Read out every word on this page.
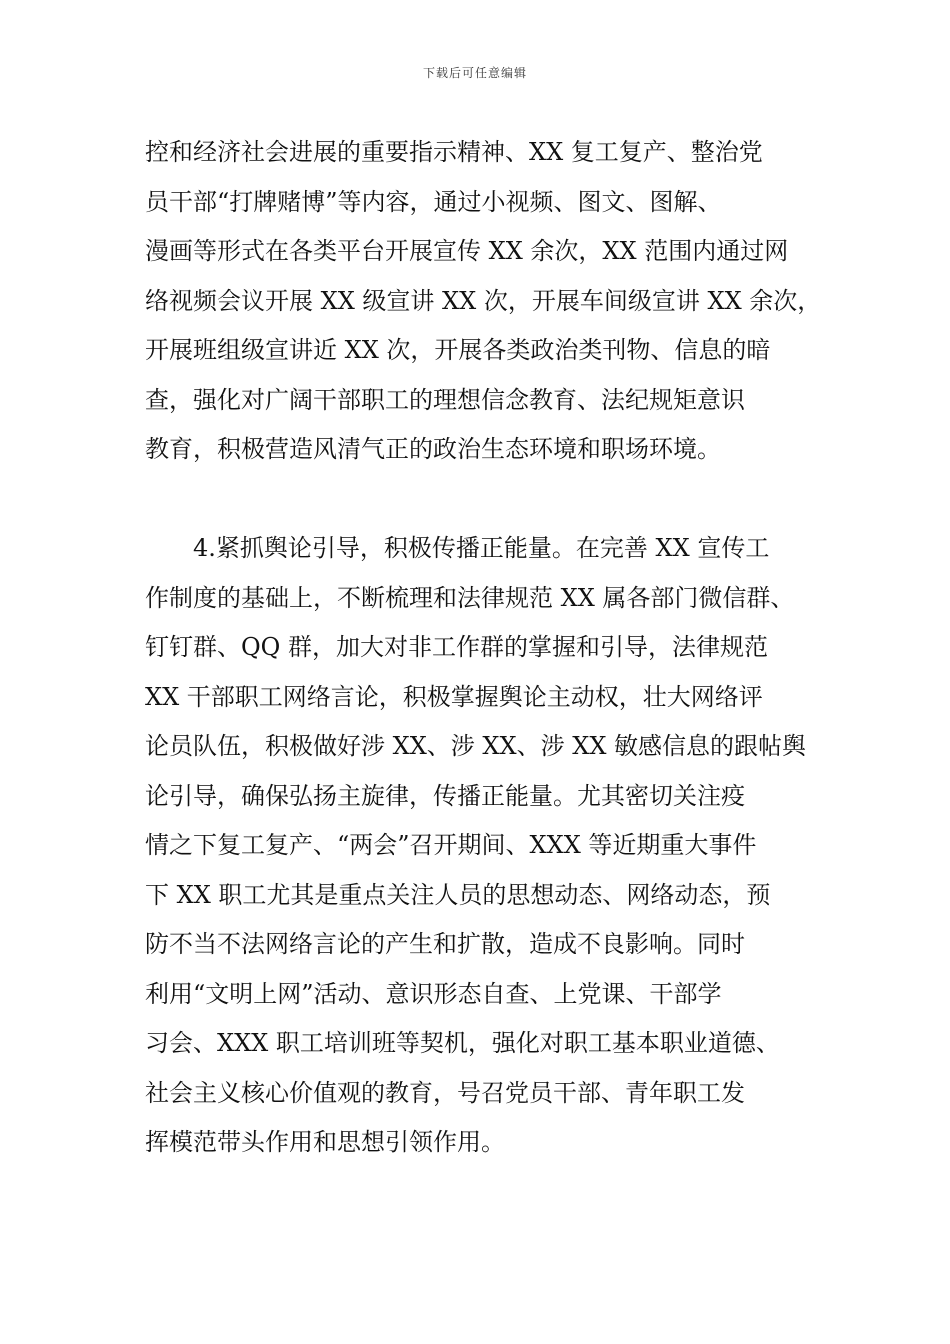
下载后可任意编辑
控和经济社会进展的重要指示精神、XX 复工复产、整治党
员干部“打牌赌博”等内容，通过小视频、图文、图解、
漫画等形式在各类平台开展宣传 XX 余次，XX 范围内通过网
络视频会议开展 XX 级宣讲 XX 次，开展车间级宣讲 XX 余次，
开展班组级宣讲近 XX 次，开展各类政治类刊物、信息的暗
查，强化对广阔干部职工的理想信念教育、法纪规矩意识
教育，积极营造风清气正的政治生态环境和职场环境。
　　4.紧抓舆论引导，积极传播正能量。在完善 XX 宣传工
作制度的基础上，不断梳理和法律规范 XX 属各部门微信群、
钉钉群、QQ 群，加大对非工作群的掌握和引导，法律规范
XX 干部职工网络言论，积极掌握舆论主动权，壮大网络评
论员队伍，积极做好涉 XX、涉 XX、涉 XX 敏感信息的跟帖舆
论引导，确保弘扬主旋律，传播正能量。尤其密切关注疫
情之下复工复产、“两会”召开期间、XXX 等近期重大事件
下 XX 职工尤其是重点关注人员的思想动态、网络动态，预
防不当不法网络言论的产生和扩散，造成不良影响。同时
利用“文明上网”活动、意识形态自查、上党课、干部学
习会、XXX 职工培训班等契机，强化对职工基本职业道德、
社会主义核心价值观的教育，号召党员干部、青年职工发
挥模范带头作用和思想引领作用。
